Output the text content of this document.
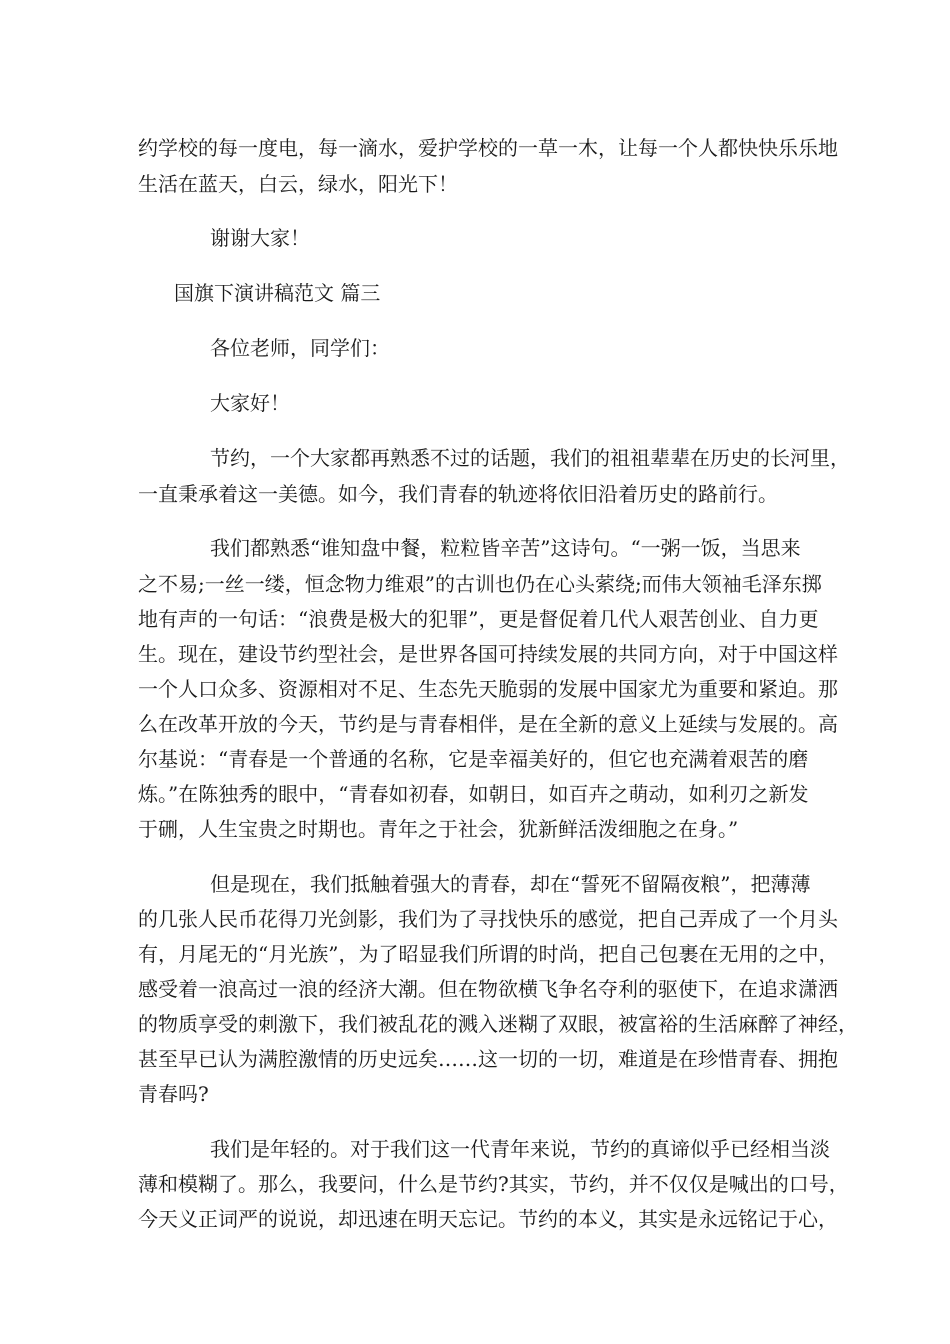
约学校的每一度电，每一滴水，爱护学校的一草一木，让每一个人都快快乐乐地
生活在蓝天，白云，绿水，阳光下！
谢谢大家！
国旗下演讲稿范文 篇三
各位老师，同学们：
大家好！
节约，一个大家都再熟悉不过的话题，我们的祖祖辈辈在历史的长河里，
一直秉承着这一美德。如今，我们青春的轨迹将依旧沿着历史的路前行。
我们都熟悉“谁知盘中餐，粒粒皆辛苦”这诗句。“一粥一饭，当思来
之不易;一丝一缕，恒念物力维艰”的古训也仍在心头萦绕;而伟大领袖毛泽东掷
地有声的一句话：“浪费是极大的犯罪”，更是督促着几代人艰苦创业、自力更
生。现在，建设节约型社会，是世界各国可持续发展的共同方向，对于中国这样
一个人口众多、资源相对不足、生态先天脆弱的发展中国家尤为重要和紧迫。那
么在改革开放的今天，节约是与青春相伴，是在全新的意义上延续与发展的。高
尔基说：“青春是一个普通的名称，它是幸福美好的，但它也充满着艰苦的磨
炼。”在陈独秀的眼中，“青春如初春，如朝日，如百卉之萌动，如利刃之新发
于硎，人生宝贵之时期也。青年之于社会，犹新鲜活泼细胞之在身。”
但是现在，我们抵触着强大的青春，却在“誓死不留隔夜粮”，把薄薄
的几张人民币花得刀光剑影，我们为了寻找快乐的感觉，把自己弄成了一个月头
有，月尾无的“月光族”，为了昭显我们所谓的时尚，把自己包裹在无用的之中，
感受着一浪高过一浪的经济大潮。但在物欲横飞争名夺利的驱使下，在追求潇洒
的物质享受的刺激下，我们被乱花的溅入迷糊了双眼，被富裕的生活麻醉了神经，
甚至早已认为满腔激情的历史远矣……这一切的一切，难道是在珍惜青春、拥抱
青春吗?
我们是年轻的。对于我们这一代青年来说，节约的真谛似乎已经相当淡
薄和模糊了。那么，我要问，什么是节约?其实，节约，并不仅仅是喊出的口号，
今天义正词严的说说，却迅速在明天忘记。节约的本义，其实是永远铭记于心，
